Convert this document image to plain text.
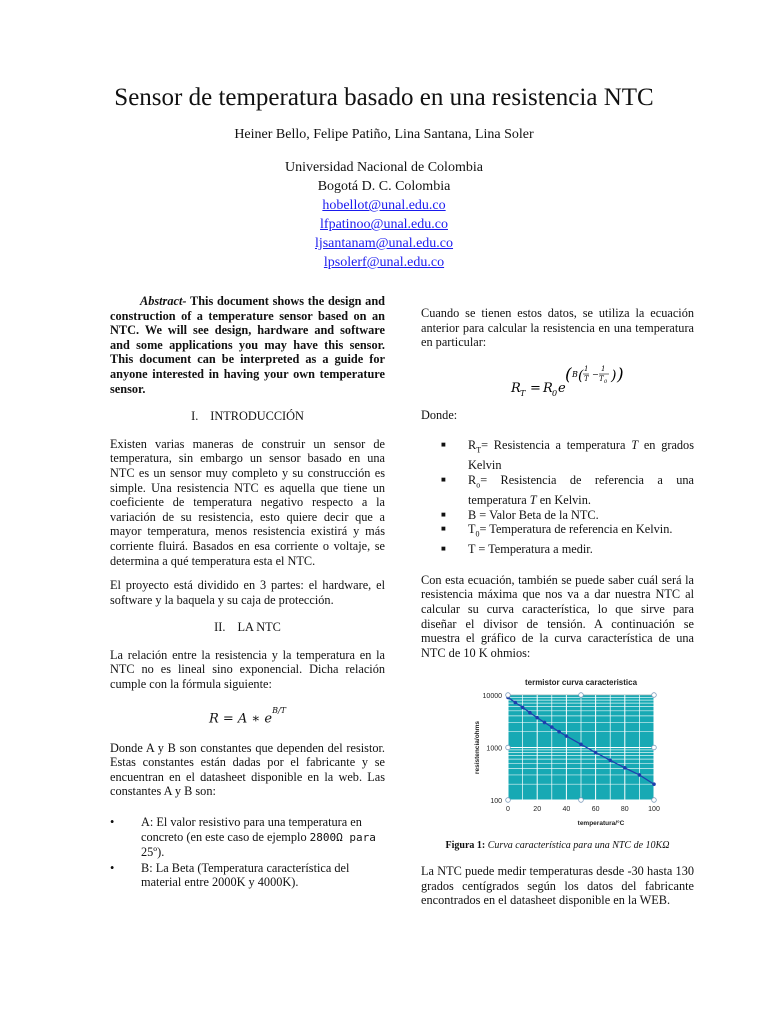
Sensor de temperatura basado en una resistencia NTC
Heiner Bello, Felipe Patiño, Lina Santana, Lina Soler
Universidad Nacional de Colombia
Bogotá D. C. Colombia
hobellot@unal.edu.co
lfpatinoo@unal.edu.co
ljsantanam@unal.edu.co
lpsolerf@unal.edu.co

Abstract- This document shows the design and construction of a temperature sensor based on an NTC. We will see design, hardware and software and some applications you may have this sensor. This document can be interpreted as a guide for anyone interested in having your own temperature sensor.

I. INTRODUCCIÓN

Existen varias maneras de construir un sensor de temperatura, sin embargo un sensor basado en una NTC es un sensor muy completo y su construcción es simple. Una resistencia NTC es aquella que tiene un coeficiente de temperatura negativo respecto a la variación de su resistencia, esto quiere decir que a mayor temperatura, menos resistencia existirá y más corriente fluirá. Basados en esa corriente o voltaje, se determina a qué temperatura esta el NTC.

El proyecto está dividido en 3 partes: el hardware, el software y la baquela y su caja de protección.

II. LA NTC

La relación entre la resistencia y la temperatura en la NTC no es lineal sino exponencial. Dicha relación cumple con la fórmula siguiente:

R = A ∗ $e^{B/T}$

Donde A y B son constantes que dependen del resistor. Estas constantes están dadas por el fabricante y se encuentran en el datasheet disponible en la web. Las constantes A y B son:

• A: El valor resistivo para una temperatura en concreto (en este caso de ejemplo 2800Ω para 25º).
• B: La Beta (Temperatura característica del material entre 2000K y 4000K).

Cuando se tienen estos datos, se utiliza la ecuación anterior para calcular la resistencia en una temperatura en particular:

R T = R 0 e
( B ( 1
T −
1
T 0 ) )

Donde:

■ $R_T=$ Resistencia a temperatura T en grados Kelvin
■ $R_o=$ Resistencia de referencia a una temperatura T en Kelvin.
■ B = Valor Beta de la NTC.
■ $T_0=$ Temperatura de referencia en Kelvin.
■ T = Temperatura a medir.

Con esta ecuación, también se puede saber cuál será la resistencia máxima que nos va a dar nuestra NTC al calcular su curva característica, lo que sirve para diseñar el divisor de tensión. A continuación se muestra el gráfico de la curva característica de una NTC de 10 K ohmios:

termistor curva caracteristica
10000
1000
100
0	20	40	60	80	100
temperatura/°C
resistencia/ohms

Figura 1: Curva característica para una NTC de 10KΩ

La NTC puede medir temperaturas desde -30 hasta 130 grados centígrados según los datos del fabricante encontrados en el datasheet disponible en la WEB.
